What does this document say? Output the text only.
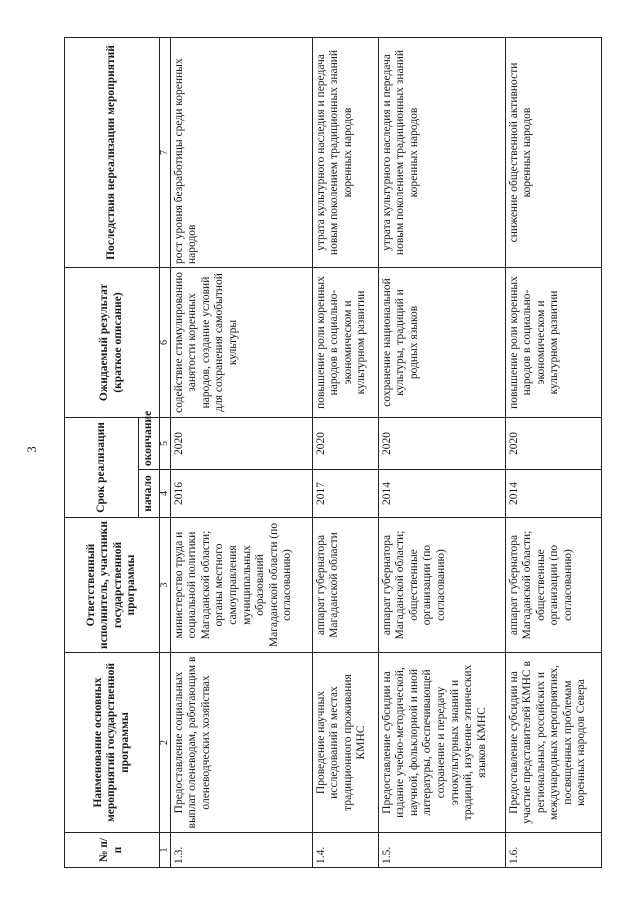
3
№ п/п	Наименование основных мероприятий государственной программы	Ответственный исполнитель, участники государственной программы	Срок реализации		Ожидаемый результат (краткое описание)	Последствия нереализации мероприятий
			начало	окончание		
1	2	3	4	5	6	7
1.3.	Предоставление социальных выплат оленеводам, работающим в оленеводческих хозяйствах	министерство труда и социальной политики Магаданской области; органы местного самоуправления муниципальных образований Магаданской области (по согласованию)	2016	2020	содействие стимулированию занятости коренных народов, создание условий для сохранения самобытной культуры	рост уровня безработицы среди коренных народов
1.4.	Проведение научных исследований в местах традиционного проживания КМНС	аппарат губернатора Магаданской области	2017	2020	повышение роли коренных народов в социально-экономическом и культурном развитии	утрата культурного наследия и передача новым поколением традиционных знаний коренных народов
1.5.	Предоставление субсидии на издание учебно-методической, научной, фольклорной и иной литературы, обеспечивающей сохранение и передачу этнокультурных знаний и традиций, изучение этнических языков КМНС	аппарат губернатора Магаданской области; общественные организации (по согласованию)	2014	2020	сохранение национальной культуры, традиций и родных языков	утрата культурного наследия и передача новым поколением традиционных знаний коренных народов
1.6.	Предоставление субсидии на участие представителей КМНС в региональных, российских и международных мероприятиях, посвященных проблемам коренных народов Севера	аппарат губернатора Магаданской области; общественные организации (по согласованию)	2014	2020	повышение роли коренных народов в социально-экономическом и культурном развитии	снижение общественной активности коренных народов
